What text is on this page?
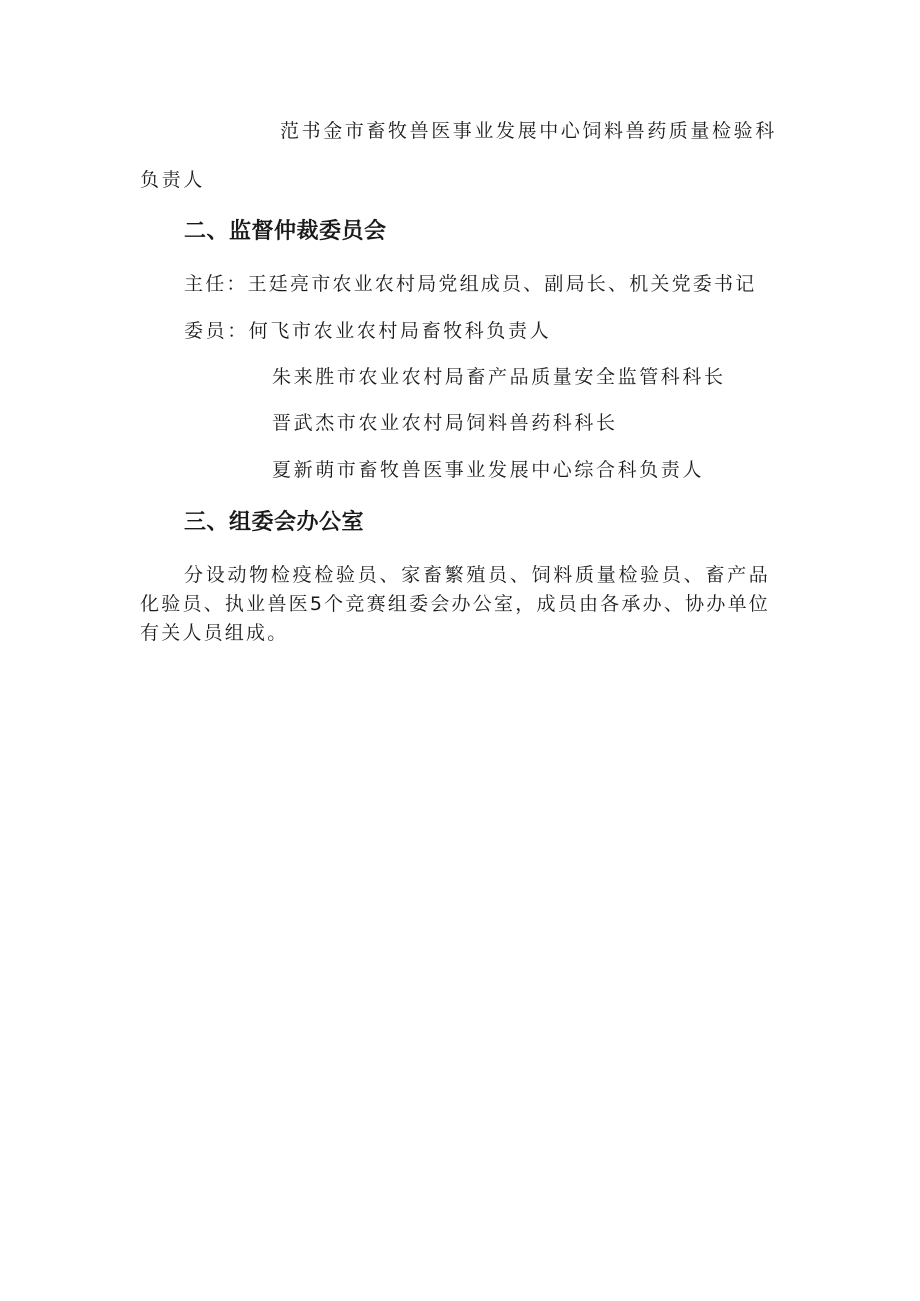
范书金市畜牧兽医事业发展中心饲料兽药质量检验科
负责人
二、监督仲裁委员会
主任：王廷亮市农业农村局党组成员、副局长、机关党委书记
委员：何飞市农业农村局畜牧科负责人
朱来胜市农业农村局畜产品质量安全监管科科长
晋武杰市农业农村局饲料兽药科科长
夏新萌市畜牧兽医事业发展中心综合科负责人
三、组委会办公室
分设动物检疫检验员、家畜繁殖员、饲料质量检验员、畜产品化验员、执业兽医5个竞赛组委会办公室，成员由各承办、协办单位有关人员组成。
